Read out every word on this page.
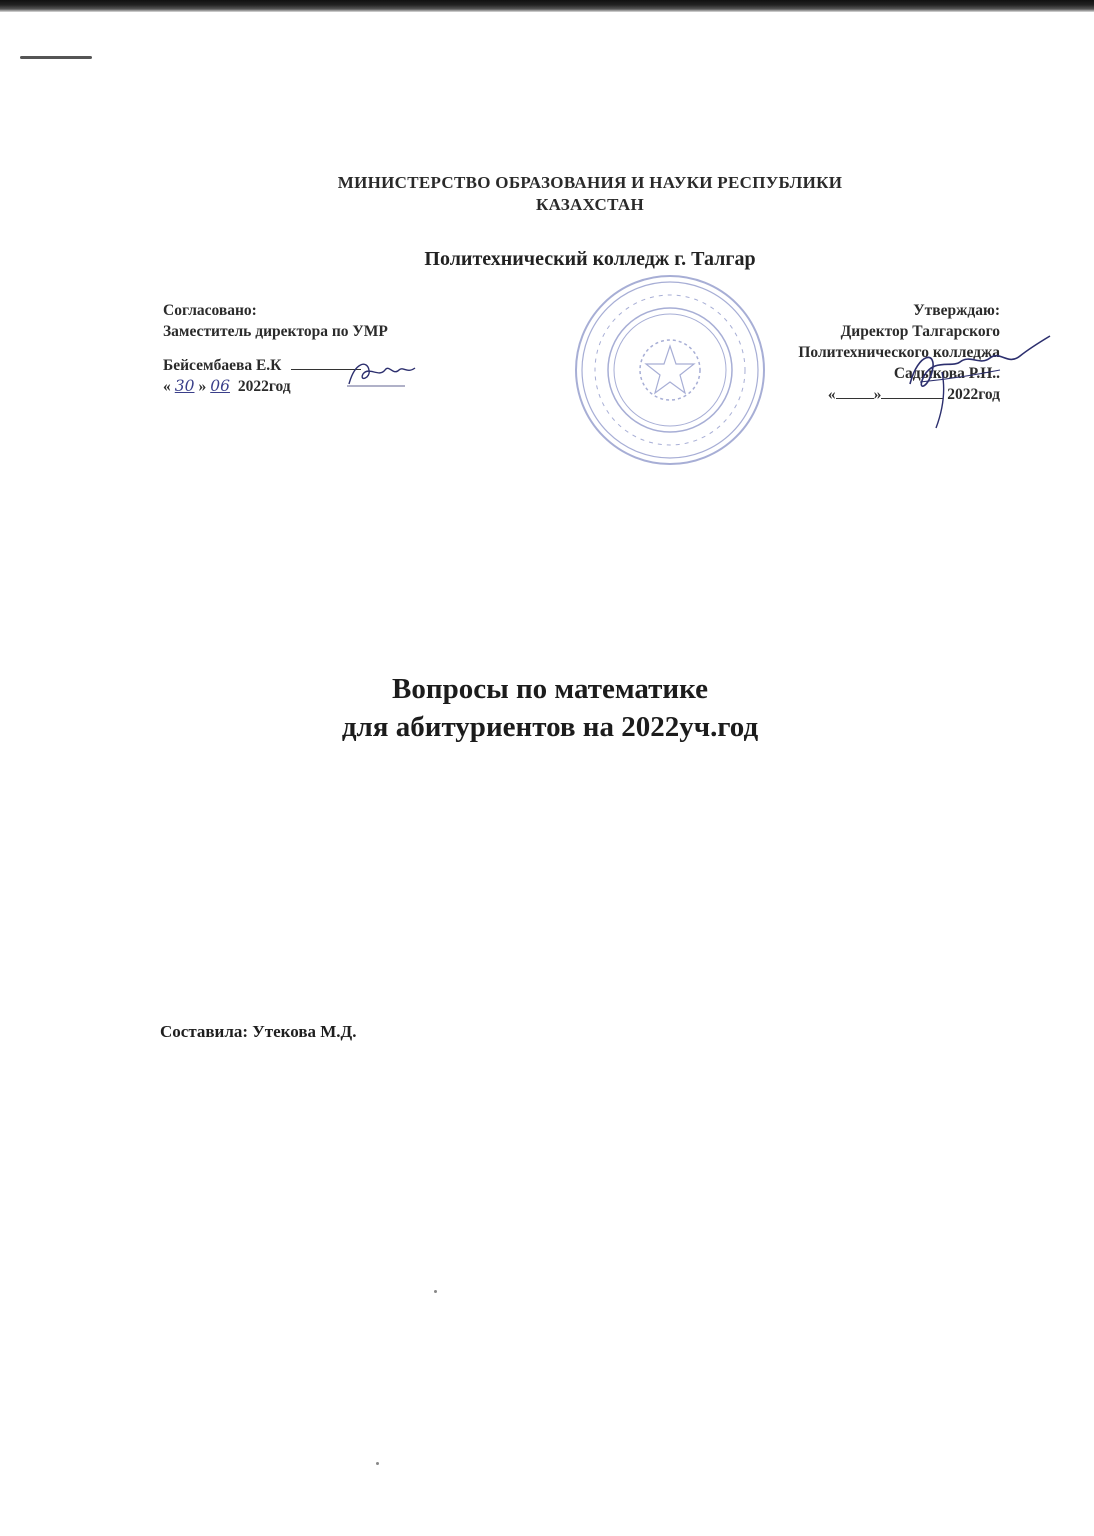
МИНИСТЕРСТВО ОБРАЗОВАНИЯ И НАУКИ РЕСПУБЛИКИ
КАЗАХСТАН
Политехнический колледж г. Талгар
Согласовано:
Заместитель директора по УМР
Бейсембаева Е.К
« 30 » 06 2022год
Утверждаю:
Директор Талгарского
Политехнического колледжа
Садыкова Р.Н..
« »	2022год
Вопросы по математике
для абитуриентов на 2022уч.год
Составила: Утекова М.Д.
